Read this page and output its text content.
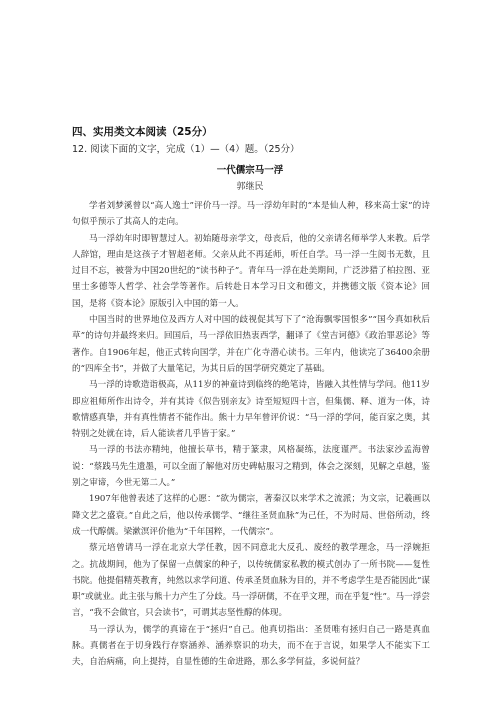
四、实用类文本阅读（25分）
12. 阅读下面的文字，完成（1）—（4）题。（25分）
一代儒宗马一浮
郭继民

学者刘梦溪曾以“高人逸士”评价马一浮。马一浮幼年时的“本是仙人种，移来高士家”的诗句似乎预示了其高人的走向。

马一浮幼年时即智慧过人。初始随母亲学文，母丧后，他的父亲请名师举学人来教。后学人辞馆，理由是这孩子才智超老师。父亲从此不再延师，听任自学。马一浮一生阅书无数，且过目不忘，被誉为中国20世纪的“读书种子”。青年马一浮在赴美期间，广泛涉猎了柏拉图、亚里士多德等人哲学、社会学等著作。后转赴日本学习日文和德文，并携德文版《资本论》回国，是将《资本论》原版引入中国的第一人。

中国当时的世界地位及西方人对中国的歧视促其写下了“沧海飘零国恨多”“国今真如秋后草”的诗句并最终来归。回国后，马一浮依旧热衷西学，翻译了《堂吉诃德》《政治罪恶论》等著作。自1906年起，他正式转向国学，并在广化寺潜心读书。三年内，他读完了36400余册的“四库全书”，并做了大量笔记，为其日后的国学研究奠定了基础。

马一浮的诗歌造诣极高，从11岁的神童诗到临终的绝笔诗，皆融入其性情与学问。他11岁即应祖师所作出诗令，并有其诗《似告别亲友》诗至短短四十言，但集儒、释、道为一体，诗歌情感真挚，并有真性情者不能作出。熊十力早年曾评价说：“马一浮的学问，能百家之奥，其特别之处就在诗，后人能读者几乎皆于家。”

马一浮的书法亦精纯，他擅长草书，精于篆隶，风格凝练，法度谨严。书法家沙孟海曾说：“蔡践马先生遗墨，可以全面了解他对历史碑帖服习之精到，体会之深刻，见解之卓越，鉴别之审谛，今世无第二人。”

1907年他曾表述了这样的心愿：“欲为儒宗，著秦汉以来学术之流派；为文宗，记羲画以降文艺之盛衰。”自此之后，他以传承儒学、“继往圣贤血脉”为己任，不为时局、世俗所动，终成一代醇儒。梁漱溟评价他为“千年国粹，一代儒宗”。

蔡元培曾请马一浮在北京大学任教，因不同意北大反孔、废经的教学理念，马一浮婉拒之。抗战期间，他为了保留一点儒家的种子，以传统儒家私教的模式创办了一所书院——复性书院。他提倡精英教育，纯然以求学问道、传承圣贤血脉为目的，并不考虑学生是否能因此“谋职”或就业。此主张与熊十力产生了分歧。马一浮研儒，不在乎文理，而在乎复“性”。马一浮尝言，“我不会做官，只会读书”，可谓其志坚性醇的体现。

马一浮认为，儒学的真谛在于“拯归”自己。他真切指出：圣贤唯有拯归自己一路是真血脉。真儒者在于切身践行存察涵养、涵养察识的功夫，而不在于言说，如果学人不能实下工夫，自治病痛，向上提持，自显性德的生命进路，那么多学何益，多说何益？
